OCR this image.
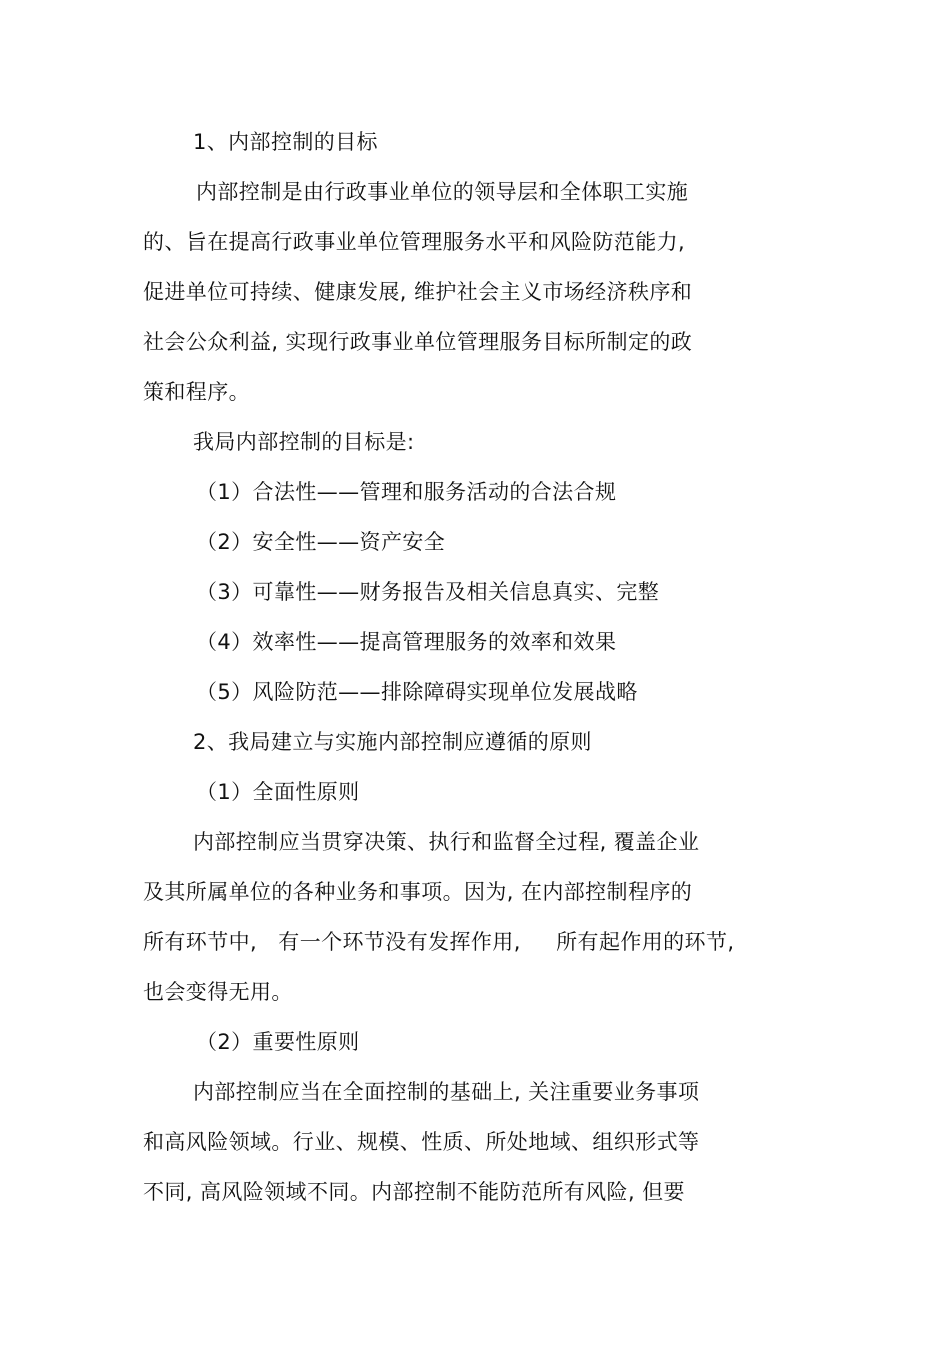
1、内部控制的目标
内部控制是由行政事业单位的领导层和全体职工实施
的、旨在提高行政事业单位管理服务水平和风险防范能力,
促进单位可持续、健康发展, 维护社会主义市场经济秩序和
社会公众利益, 实现行政事业单位管理服务目标所制定的政
策和程序。
我局内部控制的目标是:
（1）合法性——管理和服务活动的合法合规
（2）安全性——资产安全
（3）可靠性——财务报告及相关信息真实、完整
（4）效率性——提高管理服务的效率和效果
（5）风险防范——排除障碍实现单位发展战略
2、我局建立与实施内部控制应遵循的原则
（1）全面性原则
内部控制应当贯穿决策、执行和监督全过程, 覆盖企业
及其所属单位的各种业务和事项。因为, 在内部控制程序的
所有环节中,   有一个环节没有发挥作用,     所有起作用的环节,
也会变得无用。
（2）重要性原则
内部控制应当在全面控制的基础上, 关注重要业务事项
和高风险领域。行业、规模、性质、所处地域、组织形式等
不同, 高风险领域不同。内部控制不能防范所有风险, 但要
